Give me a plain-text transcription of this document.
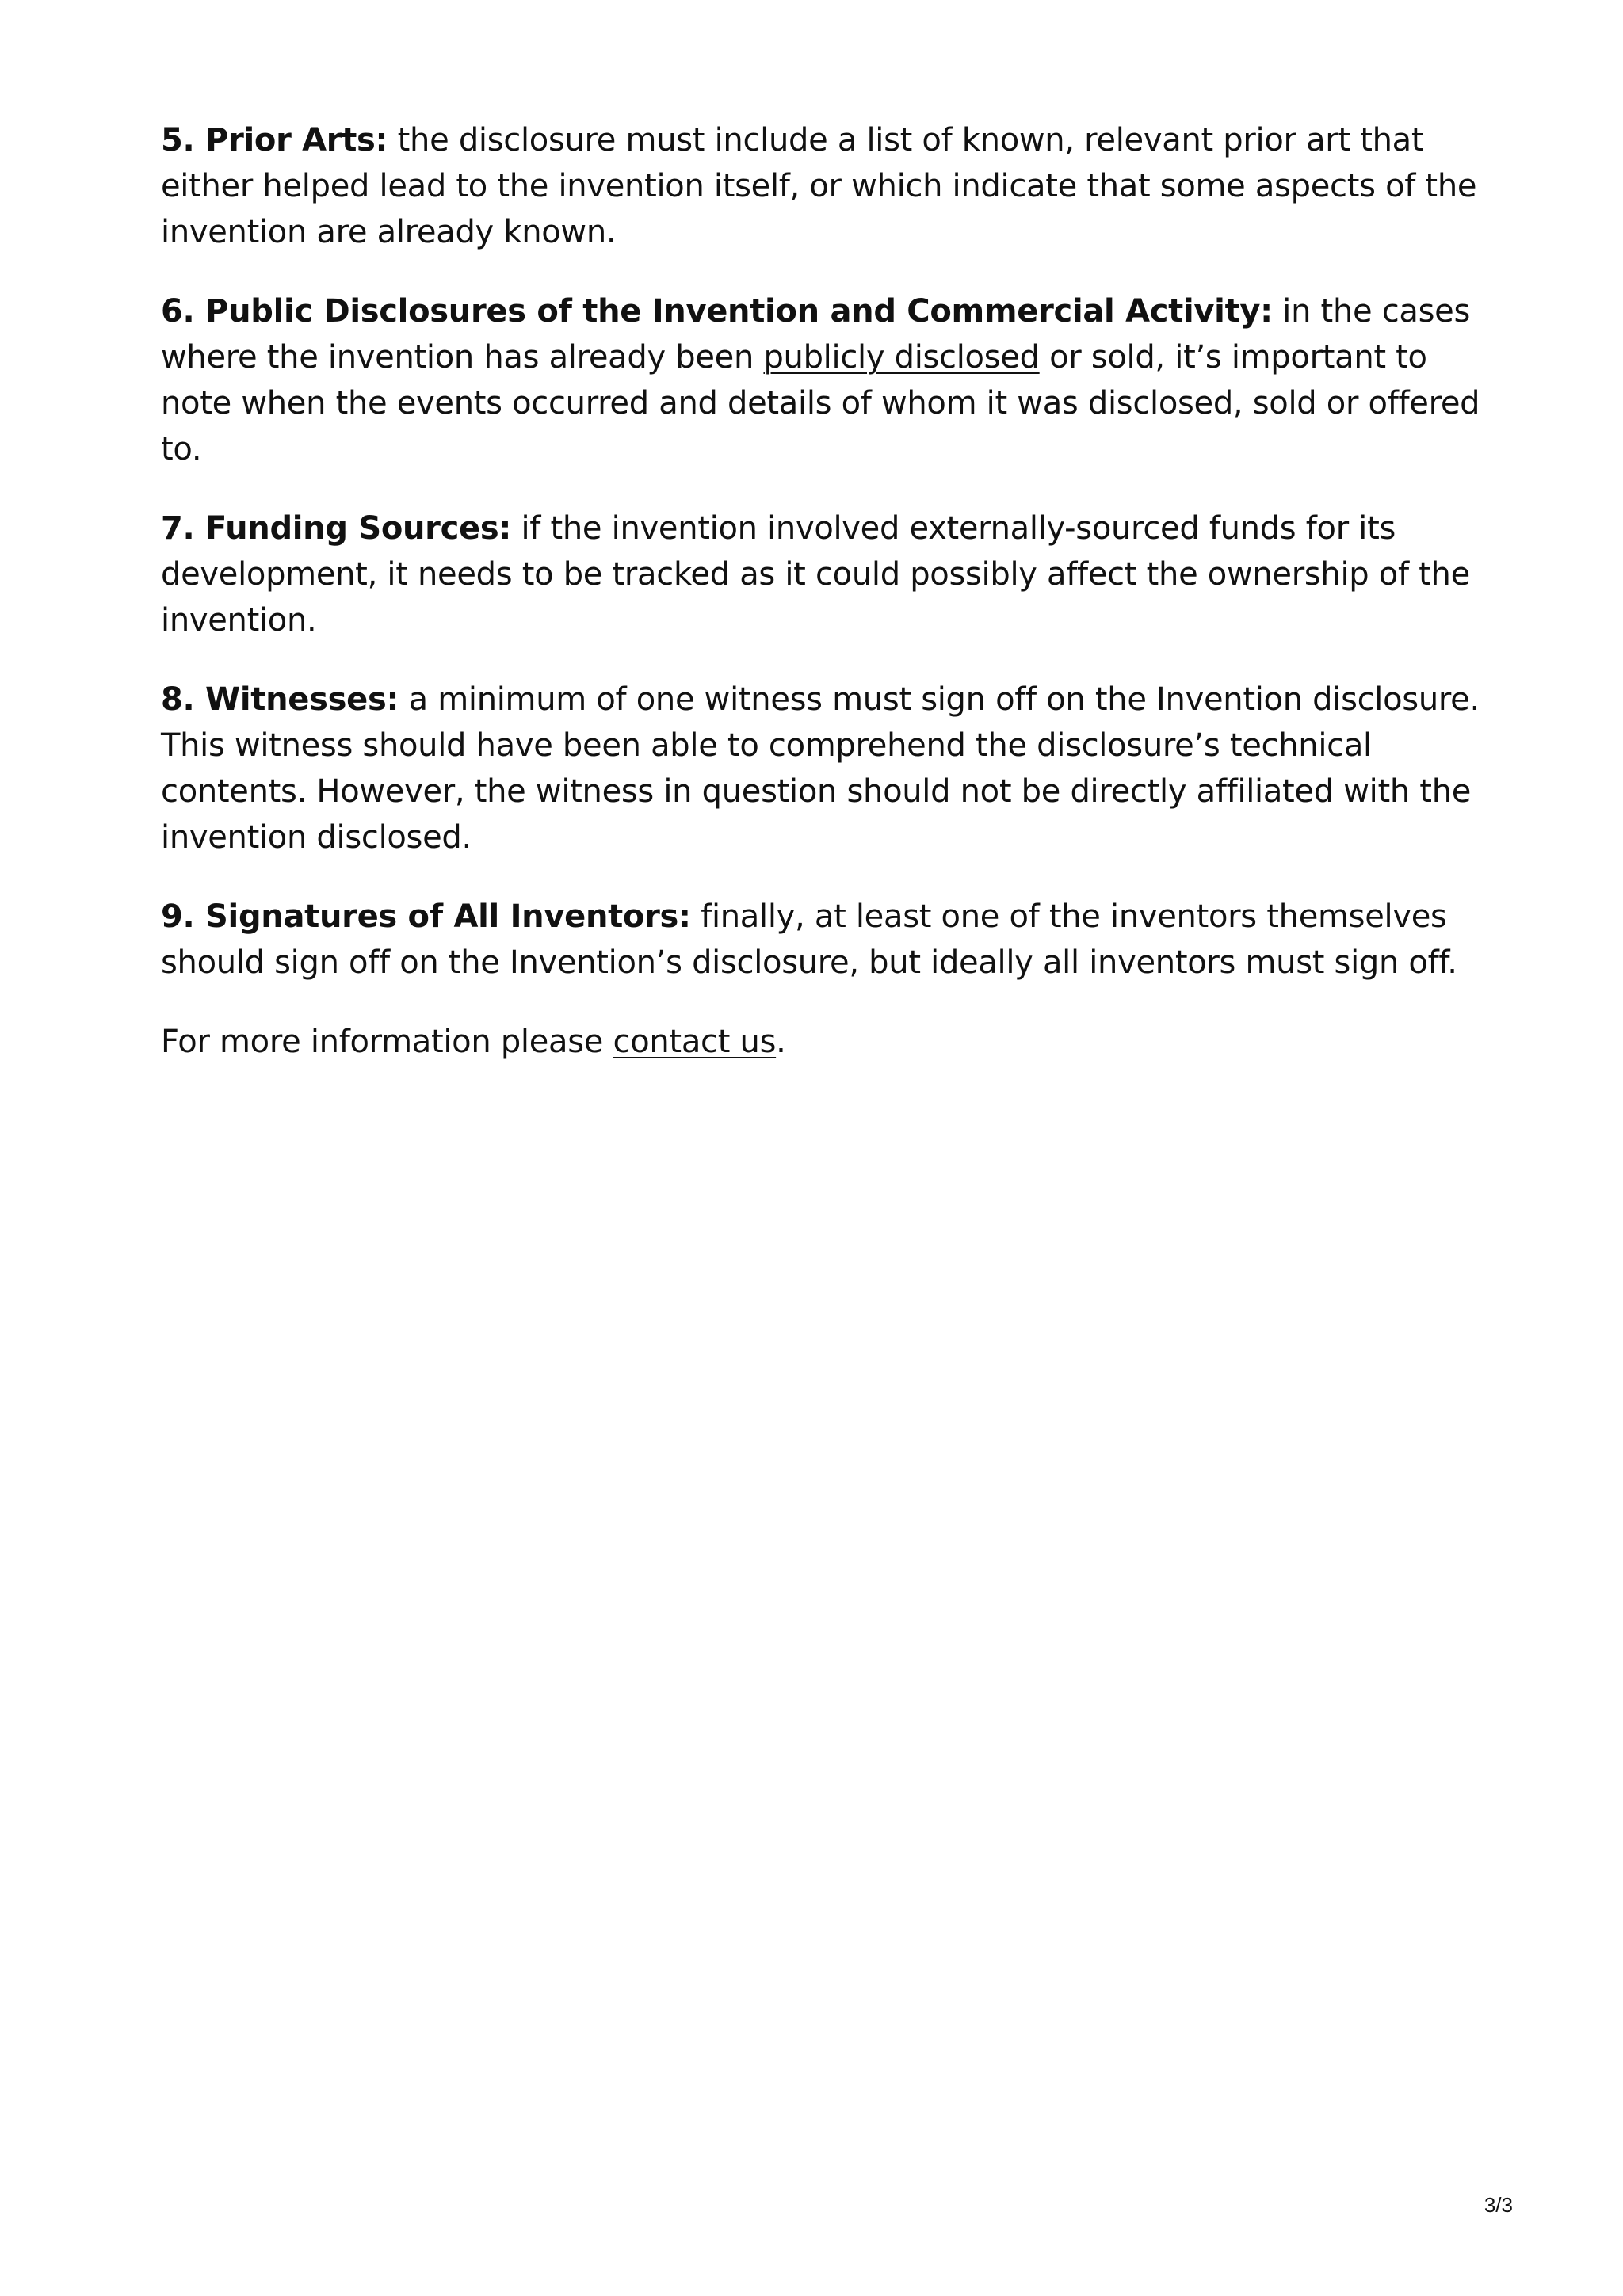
5. Prior Arts: the disclosure must include a list of known, relevant prior art that either helped lead to the invention itself, or which indicate that some aspects of the invention are already known.

6. Public Disclosures of the Invention and Commercial Activity: in the cases where the invention has already been publicly disclosed or sold, it’s important to note when the events occurred and details of whom it was disclosed, sold or offered to.

7. Funding Sources: if the invention involved externally-sourced funds for its development, it needs to be tracked as it could possibly affect the ownership of the invention.

8. Witnesses: a minimum of one witness must sign off on the Invention disclosure. This witness should have been able to comprehend the disclosure’s technical contents. However, the witness in question should not be directly affiliated with the invention disclosed.

9. Signatures of All Inventors: finally, at least one of the inventors themselves should sign off on the Invention’s disclosure, but ideally all inventors must sign off.

For more information please contact us.

3/3
